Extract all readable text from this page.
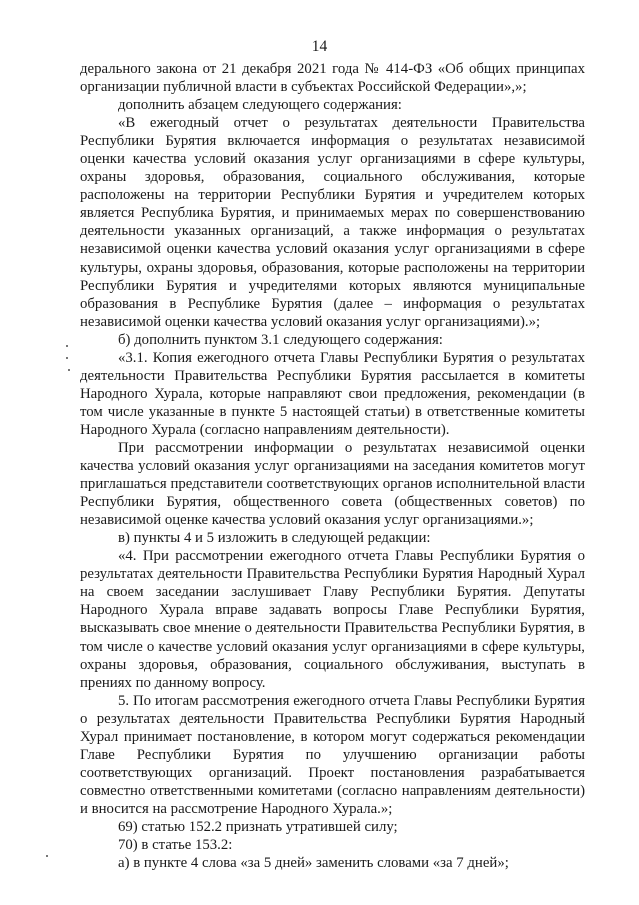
14

дерального закона от 21 декабря 2021 года № 414-ФЗ «Об общих принципах организации публичной власти в субъектах Российской Федерации»,»;

дополнить абзацем следующего содержания:

«В ежегодный отчет о результатах деятельности Правительства Республики Бурятия включается информация о результатах независимой оценки качества условий оказания услуг организациями в сфере культуры, охраны здоровья, образования, социального обслуживания, которые расположены на территории Республики Бурятия и учредителем которых является Республика Бурятия, и принимаемых мерах по совершенствованию деятельности указанных организаций, а также информация о результатах независимой оценки качества условий оказания услуг организациями в сфере культуры, охраны здоровья, образования, которые расположены на территории Республики Бурятия и учредителями которых являются муниципальные образования в Республике Бурятия (далее – информация о результатах независимой оценки качества условий оказания услуг организациями).»;

б) дополнить пунктом 3.1 следующего содержания:

«3.1. Копия ежегодного отчета Главы Республики Бурятия о результатах деятельности Правительства Республики Бурятия рассылается в комитеты Народного Хурала, которые направляют свои предложения, рекомендации (в том числе указанные в пункте 5 настоящей статьи) в ответственные комитеты Народного Хурала (согласно направлениям деятельности).

При рассмотрении информации о результатах независимой оценки качества условий оказания услуг организациями на заседания комитетов могут приглашаться представители соответствующих органов исполнительной власти Республики Бурятия, общественного совета (общественных советов) по независимой оценке качества условий оказания услуг организациями.»;

в) пункты 4 и 5 изложить в следующей редакции:

«4. При рассмотрении ежегодного отчета Главы Республики Бурятия о результатах деятельности Правительства Республики Бурятия Народный Хурал на своем заседании заслушивает Главу Республики Бурятия. Депутаты Народного Хурала вправе задавать вопросы Главе Республики Бурятия, высказывать свое мнение о деятельности Правительства Республики Бурятия, в том числе о качестве условий оказания услуг организациями в сфере культуры, охраны здоровья, образования, социального обслуживания, выступать в прениях по данному вопросу.

5. По итогам рассмотрения ежегодного отчета Главы Республики Бурятия о результатах деятельности Правительства Республики Бурятия Народный Хурал принимает постановление, в котором могут содержаться рекомендации Главе Республики Бурятия по улучшению организации работы соответствующих организаций. Проект постановления разрабатывается совместно ответственными комитетами (согласно направлениям деятельности) и вносится на рассмотрение Народного Хурала.»;

69) статью 152.2 признать утратившей силу;

70) в статье 153.2:

а) в пункте 4 слова «за 5 дней» заменить словами «за 7 дней»;
